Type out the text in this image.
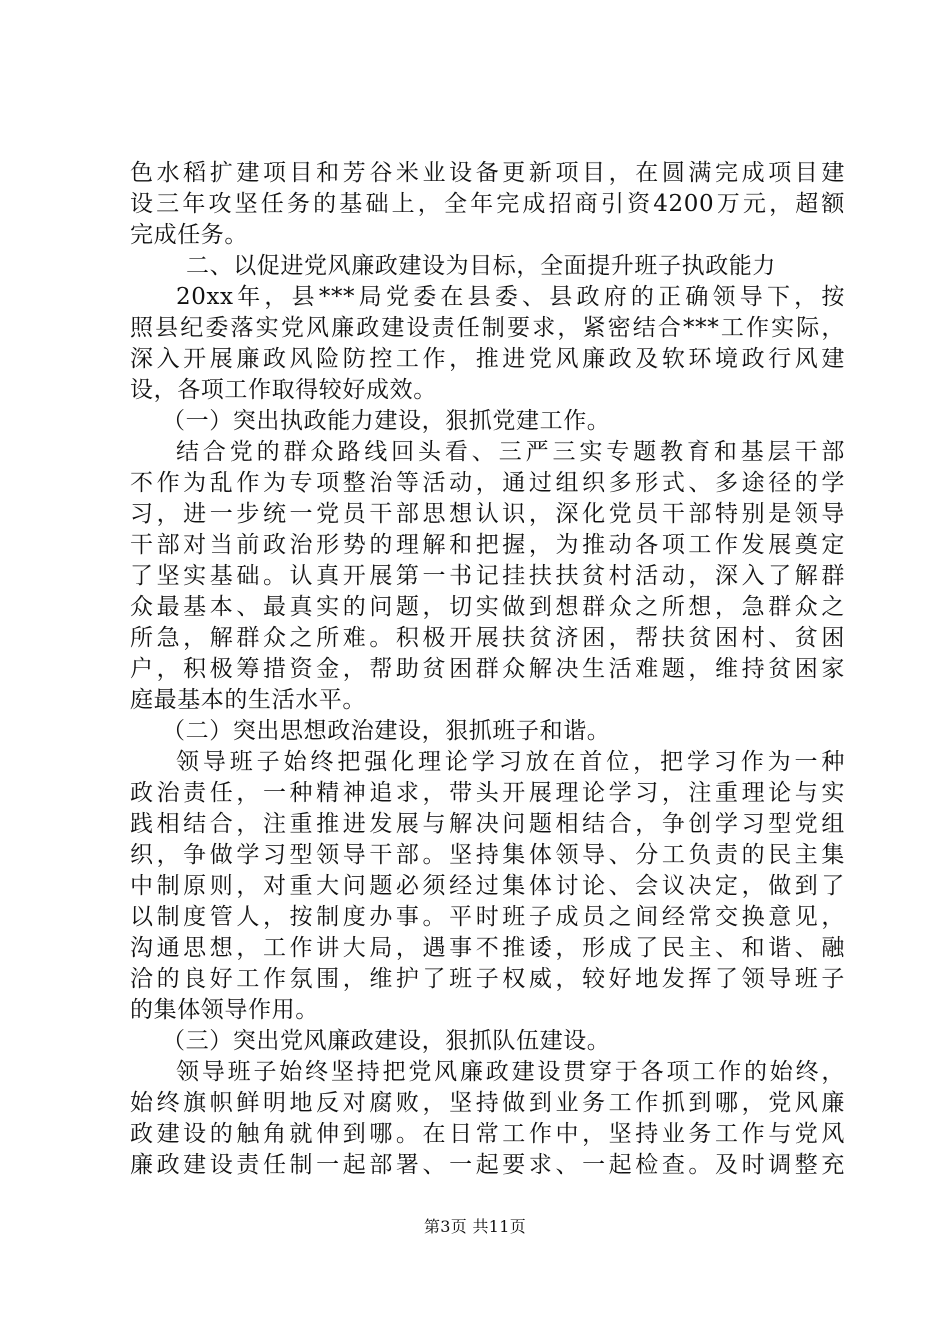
色水稻扩建项目和芳谷米业设备更新项目，在圆满完成项目建
设三年攻坚任务的基础上，全年完成招商引资4200万元，超额
完成任务。
二、以促进党风廉政建设为目标，全面提升班子执政能力
20xx年，县***局党委在县委、县政府的正确领导下，按
照县纪委落实党风廉政建设责任制要求，紧密结合***工作实际，
深入开展廉政风险防控工作，推进党风廉政及软环境政行风建
设，各项工作取得较好成效。
（一）突出执政能力建设，狠抓党建工作。
结合党的群众路线回头看、三严三实专题教育和基层干部
不作为乱作为专项整治等活动，通过组织多形式、多途径的学
习，进一步统一党员干部思想认识，深化党员干部特别是领导
干部对当前政治形势的理解和把握，为推动各项工作发展奠定
了坚实基础。认真开展第一书记挂扶扶贫村活动，深入了解群
众最基本、最真实的问题，切实做到想群众之所想，急群众之
所急，解群众之所难。积极开展扶贫济困，帮扶贫困村、贫困
户，积极筹措资金，帮助贫困群众解决生活难题，维持贫困家
庭最基本的生活水平。
（二）突出思想政治建设，狠抓班子和谐。
领导班子始终把强化理论学习放在首位，把学习作为一种
政治责任，一种精神追求，带头开展理论学习，注重理论与实
践相结合，注重推进发展与解决问题相结合，争创学习型党组
织，争做学习型领导干部。坚持集体领导、分工负责的民主集
中制原则，对重大问题必须经过集体讨论、会议决定，做到了
以制度管人，按制度办事。平时班子成员之间经常交换意见，
沟通思想，工作讲大局，遇事不推诿，形成了民主、和谐、融
洽的良好工作氛围，维护了班子权威，较好地发挥了领导班子
的集体领导作用。
（三）突出党风廉政建设，狠抓队伍建设。
领导班子始终坚持把党风廉政建设贯穿于各项工作的始终，
始终旗帜鲜明地反对腐败，坚持做到业务工作抓到哪，党风廉
政建设的触角就伸到哪。在日常工作中，坚持业务工作与党风
廉政建设责任制一起部署、一起要求、一起检查。及时调整充
第3页 共11页
